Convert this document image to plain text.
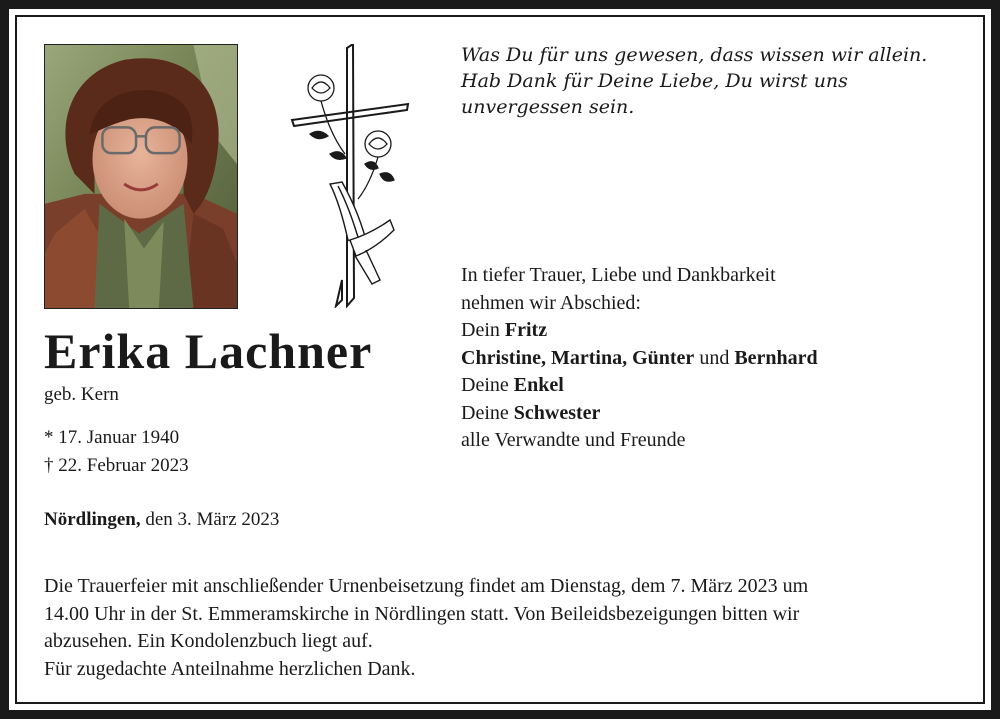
Was Du für uns gewesen, dass wissen wir allein.
Hab Dank für Deine Liebe, Du wirst uns
unvergessen sein.
Erika Lachner
geb. Kern
* 17. Januar 1940
† 22. Februar 2023
Nördlingen, den 3. März 2023
In tiefer Trauer, Liebe und Dankbarkeit
nehmen wir Abschied:
Dein Fritz
Christine, Martina, Günter und Bernhard
Deine Enkel
Deine Schwester
alle Verwandte und Freunde
Die Trauerfeier mit anschließender Urnenbeisetzung findet am Dienstag, dem 7. März 2023 um
14.00 Uhr in der St. Emmeramskirche in Nördlingen statt. Von Beileidsbezeigungen bitten wir
abzusehen. Ein Kondolenzbuch liegt auf.
Für zugedachte Anteilnahme herzlichen Dank.
